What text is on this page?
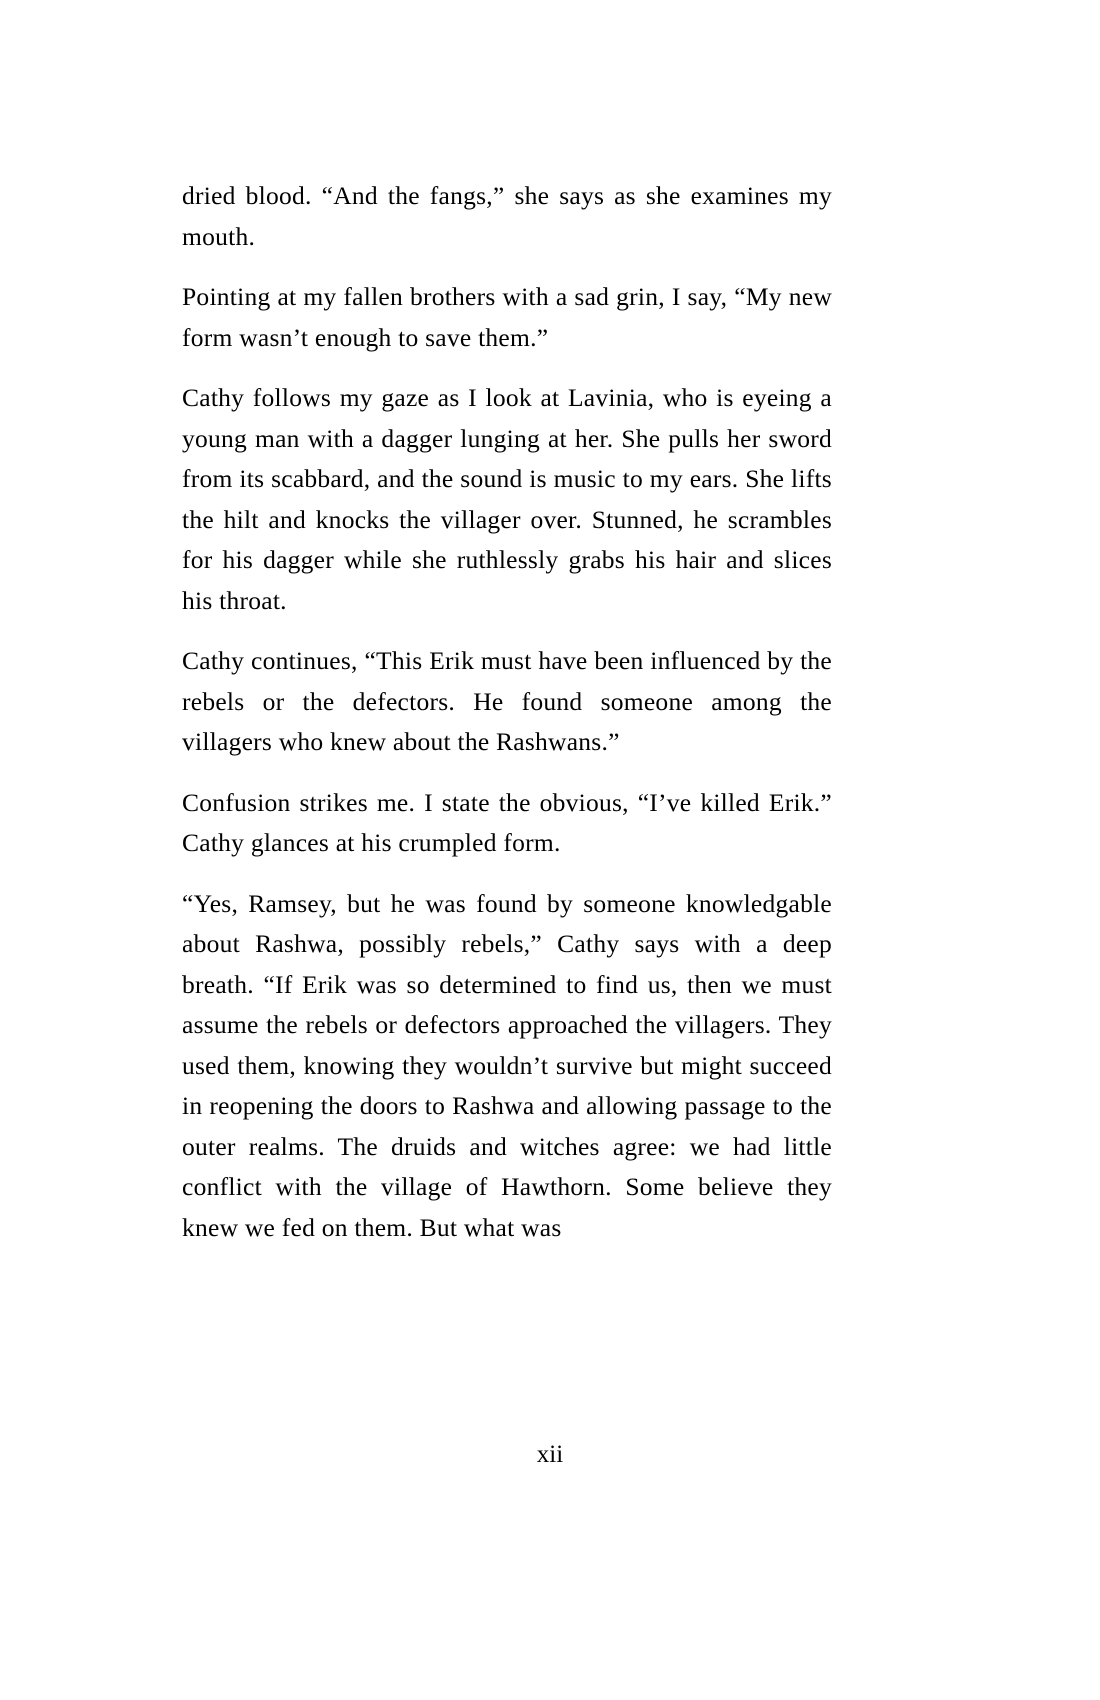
dried blood. “And the fangs,” she says as she examines my mouth.

Pointing at my fallen brothers with a sad grin, I say, “My new form wasn’t enough to save them.”

Cathy follows my gaze as I look at Lavinia, who is eyeing a young man with a dagger lunging at her. She pulls her sword from its scabbard, and the sound is music to my ears. She lifts the hilt and knocks the villager over. Stunned, he scrambles for his dagger while she ruthlessly grabs his hair and slices his throat.

Cathy continues, “This Erik must have been influenced by the rebels or the defectors. He found someone among the villagers who knew about the Rashwans.”

Confusion strikes me. I state the obvious, “I’ve killed Erik.” Cathy glances at his crumpled form.

“Yes, Ramsey, but he was found by someone knowledgable about Rashwa, possibly rebels,” Cathy says with a deep breath. “If Erik was so determined to find us, then we must assume the rebels or defectors approached the villagers. They used them, knowing they wouldn’t survive but might succeed in reopening the doors to Rashwa and allowing passage to the outer realms. The druids and witches agree: we had little conflict with the village of Hawthorn. Some believe they knew we fed on them. But what was

xii
